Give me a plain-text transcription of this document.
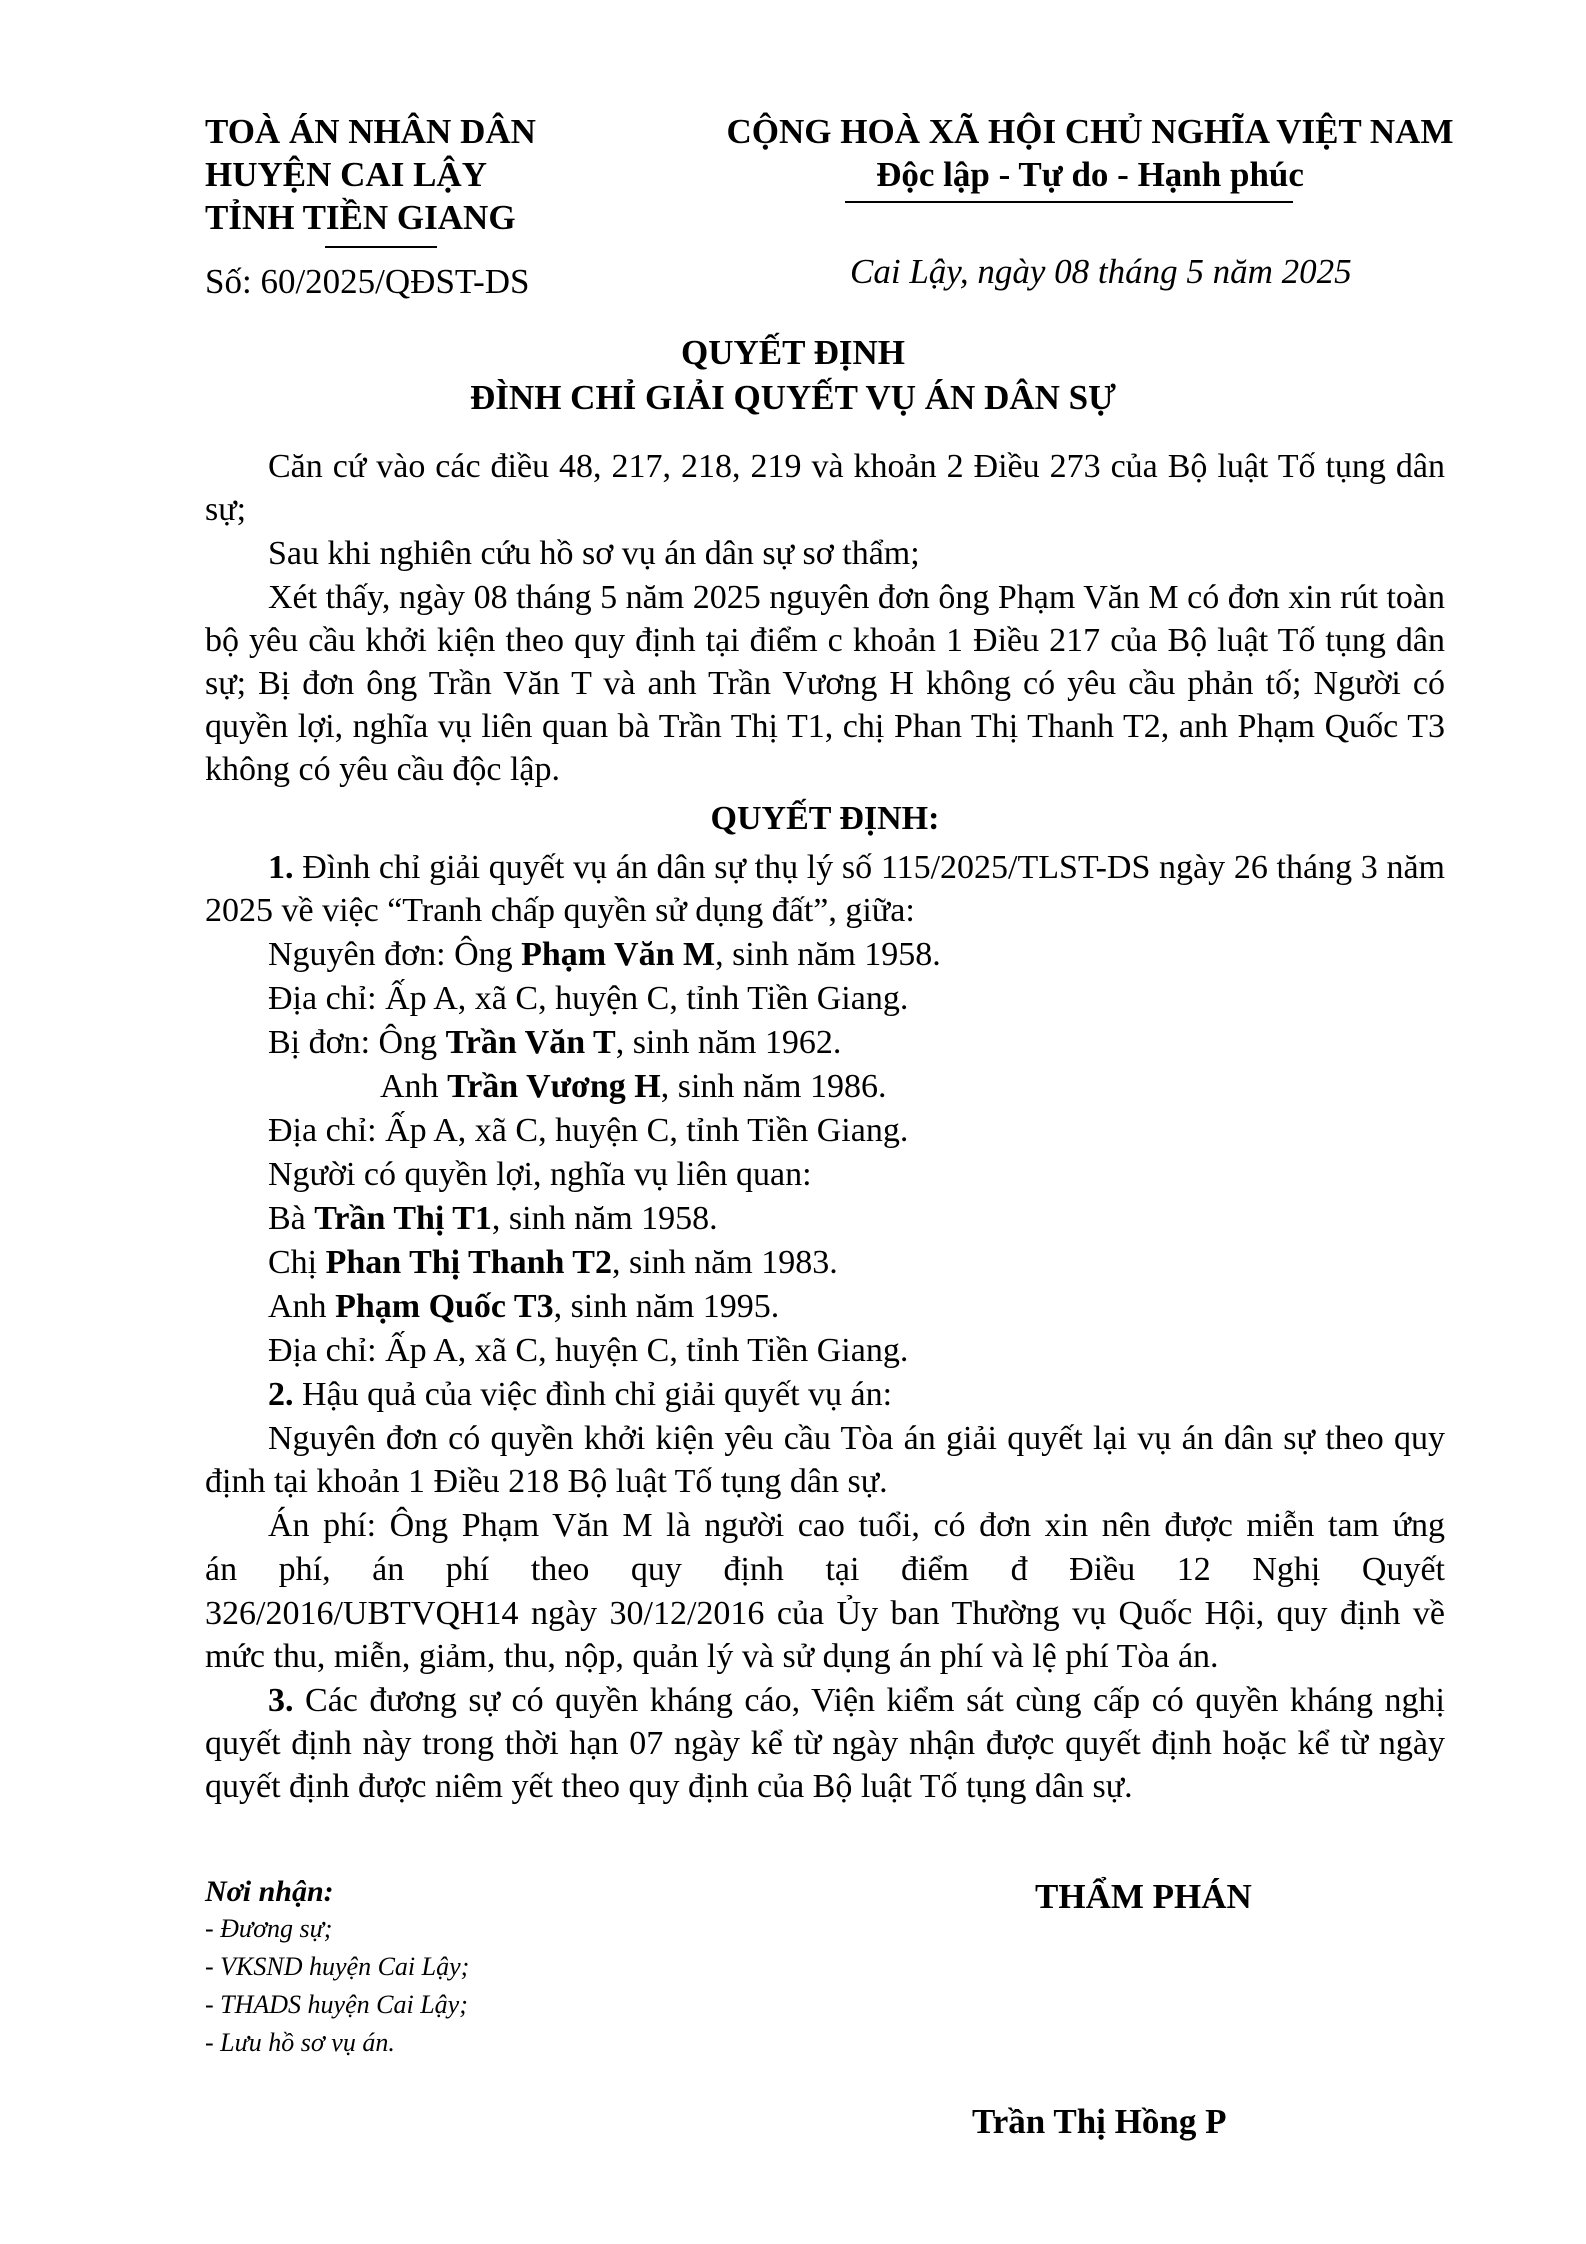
TOÀ ÁN NHÂN DÂN
HUYỆN CAI LẬY
TỈNH TIỀN GIANG
Số: 60/2025/QĐST-DS
CỘNG HOÀ XÃ HỘI CHỦ NGHĨA VIỆT NAM
Độc lập - Tự do - Hạnh phúc
Cai Lậy, ngày 08 tháng 5 năm 2025
QUYẾT ĐỊNH
ĐÌNH CHỈ GIẢI QUYẾT VỤ ÁN DÂN SỰ

Căn cứ vào các điều 48, 217, 218, 219 và khoản 2 Điều 273 của Bộ luật Tố tụng dân sự;

Sau khi nghiên cứu hồ sơ vụ án dân sự sơ thẩm;

Xét thấy, ngày 08 tháng 5 năm 2025 nguyên đơn ông Phạm Văn M có đơn xin rút toàn bộ yêu cầu khởi kiện theo quy định tại điểm c khoản 1 Điều 217 của Bộ luật Tố tụng dân sự; Bị đơn ông Trần Văn T và anh Trần Vương H không có yêu cầu phản tố; Người có quyền lợi, nghĩa vụ liên quan bà Trần Thị T1, chị Phan Thị Thanh T2, anh Phạm Quốc T3 không có yêu cầu độc lập.

QUYẾT ĐỊNH:

1. Đình chỉ giải quyết vụ án dân sự thụ lý số 115/2025/TLST-DS ngày 26 tháng 3 năm 2025 về việc “Tranh chấp quyền sử dụng đất”, giữa:

Nguyên đơn: Ông Phạm Văn M, sinh năm 1958.

Địa chỉ: Ấp A, xã C, huyện C, tỉnh Tiền Giang.

Bị đơn: Ông Trần Văn T, sinh năm 1962.

Anh Trần Vương H, sinh năm 1986.

Địa chỉ: Ấp A, xã C, huyện C, tỉnh Tiền Giang.

Người có quyền lợi, nghĩa vụ liên quan:

Bà Trần Thị T1, sinh năm 1958.

Chị Phan Thị Thanh T2, sinh năm 1983.

Anh Phạm Quốc T3, sinh năm 1995.

Địa chỉ: Ấp A, xã C, huyện C, tỉnh Tiền Giang.

2. Hậu quả của việc đình chỉ giải quyết vụ án:

Nguyên đơn có quyền khởi kiện yêu cầu Tòa án giải quyết lại vụ án dân sự theo quy định tại khoản 1 Điều 218 Bộ luật Tố tụng dân sự.

Án phí: Ông Phạm Văn M là người cao tuổi, có đơn xin nên được miễn tam ứng

án phí, án phí theo quy định tại điểm đ Điều 12 Nghị Quyết

326/2016/UBTVQH14 ngày 30/12/2016 của Ủy ban Thường vụ Quốc Hội, quy định về mức thu, miễn, giảm, thu, nộp, quản lý và sử dụng án phí và lệ phí Tòa án.

3. Các đương sự có quyền kháng cáo, Viện kiểm sát cùng cấp có quyền kháng nghị quyết định này trong thời hạn 07 ngày kể từ ngày nhận được quyết định hoặc kể từ ngày quyết định được niêm yết theo quy định của Bộ luật Tố tụng dân sự.

Nơi nhận:
- Đương sự;
- VKSND huyện Cai Lậy;
- THADS huyện Cai Lậy;
- Lưu hồ sơ vụ án.
THẨM PHÁN
Trần Thị Hồng P
